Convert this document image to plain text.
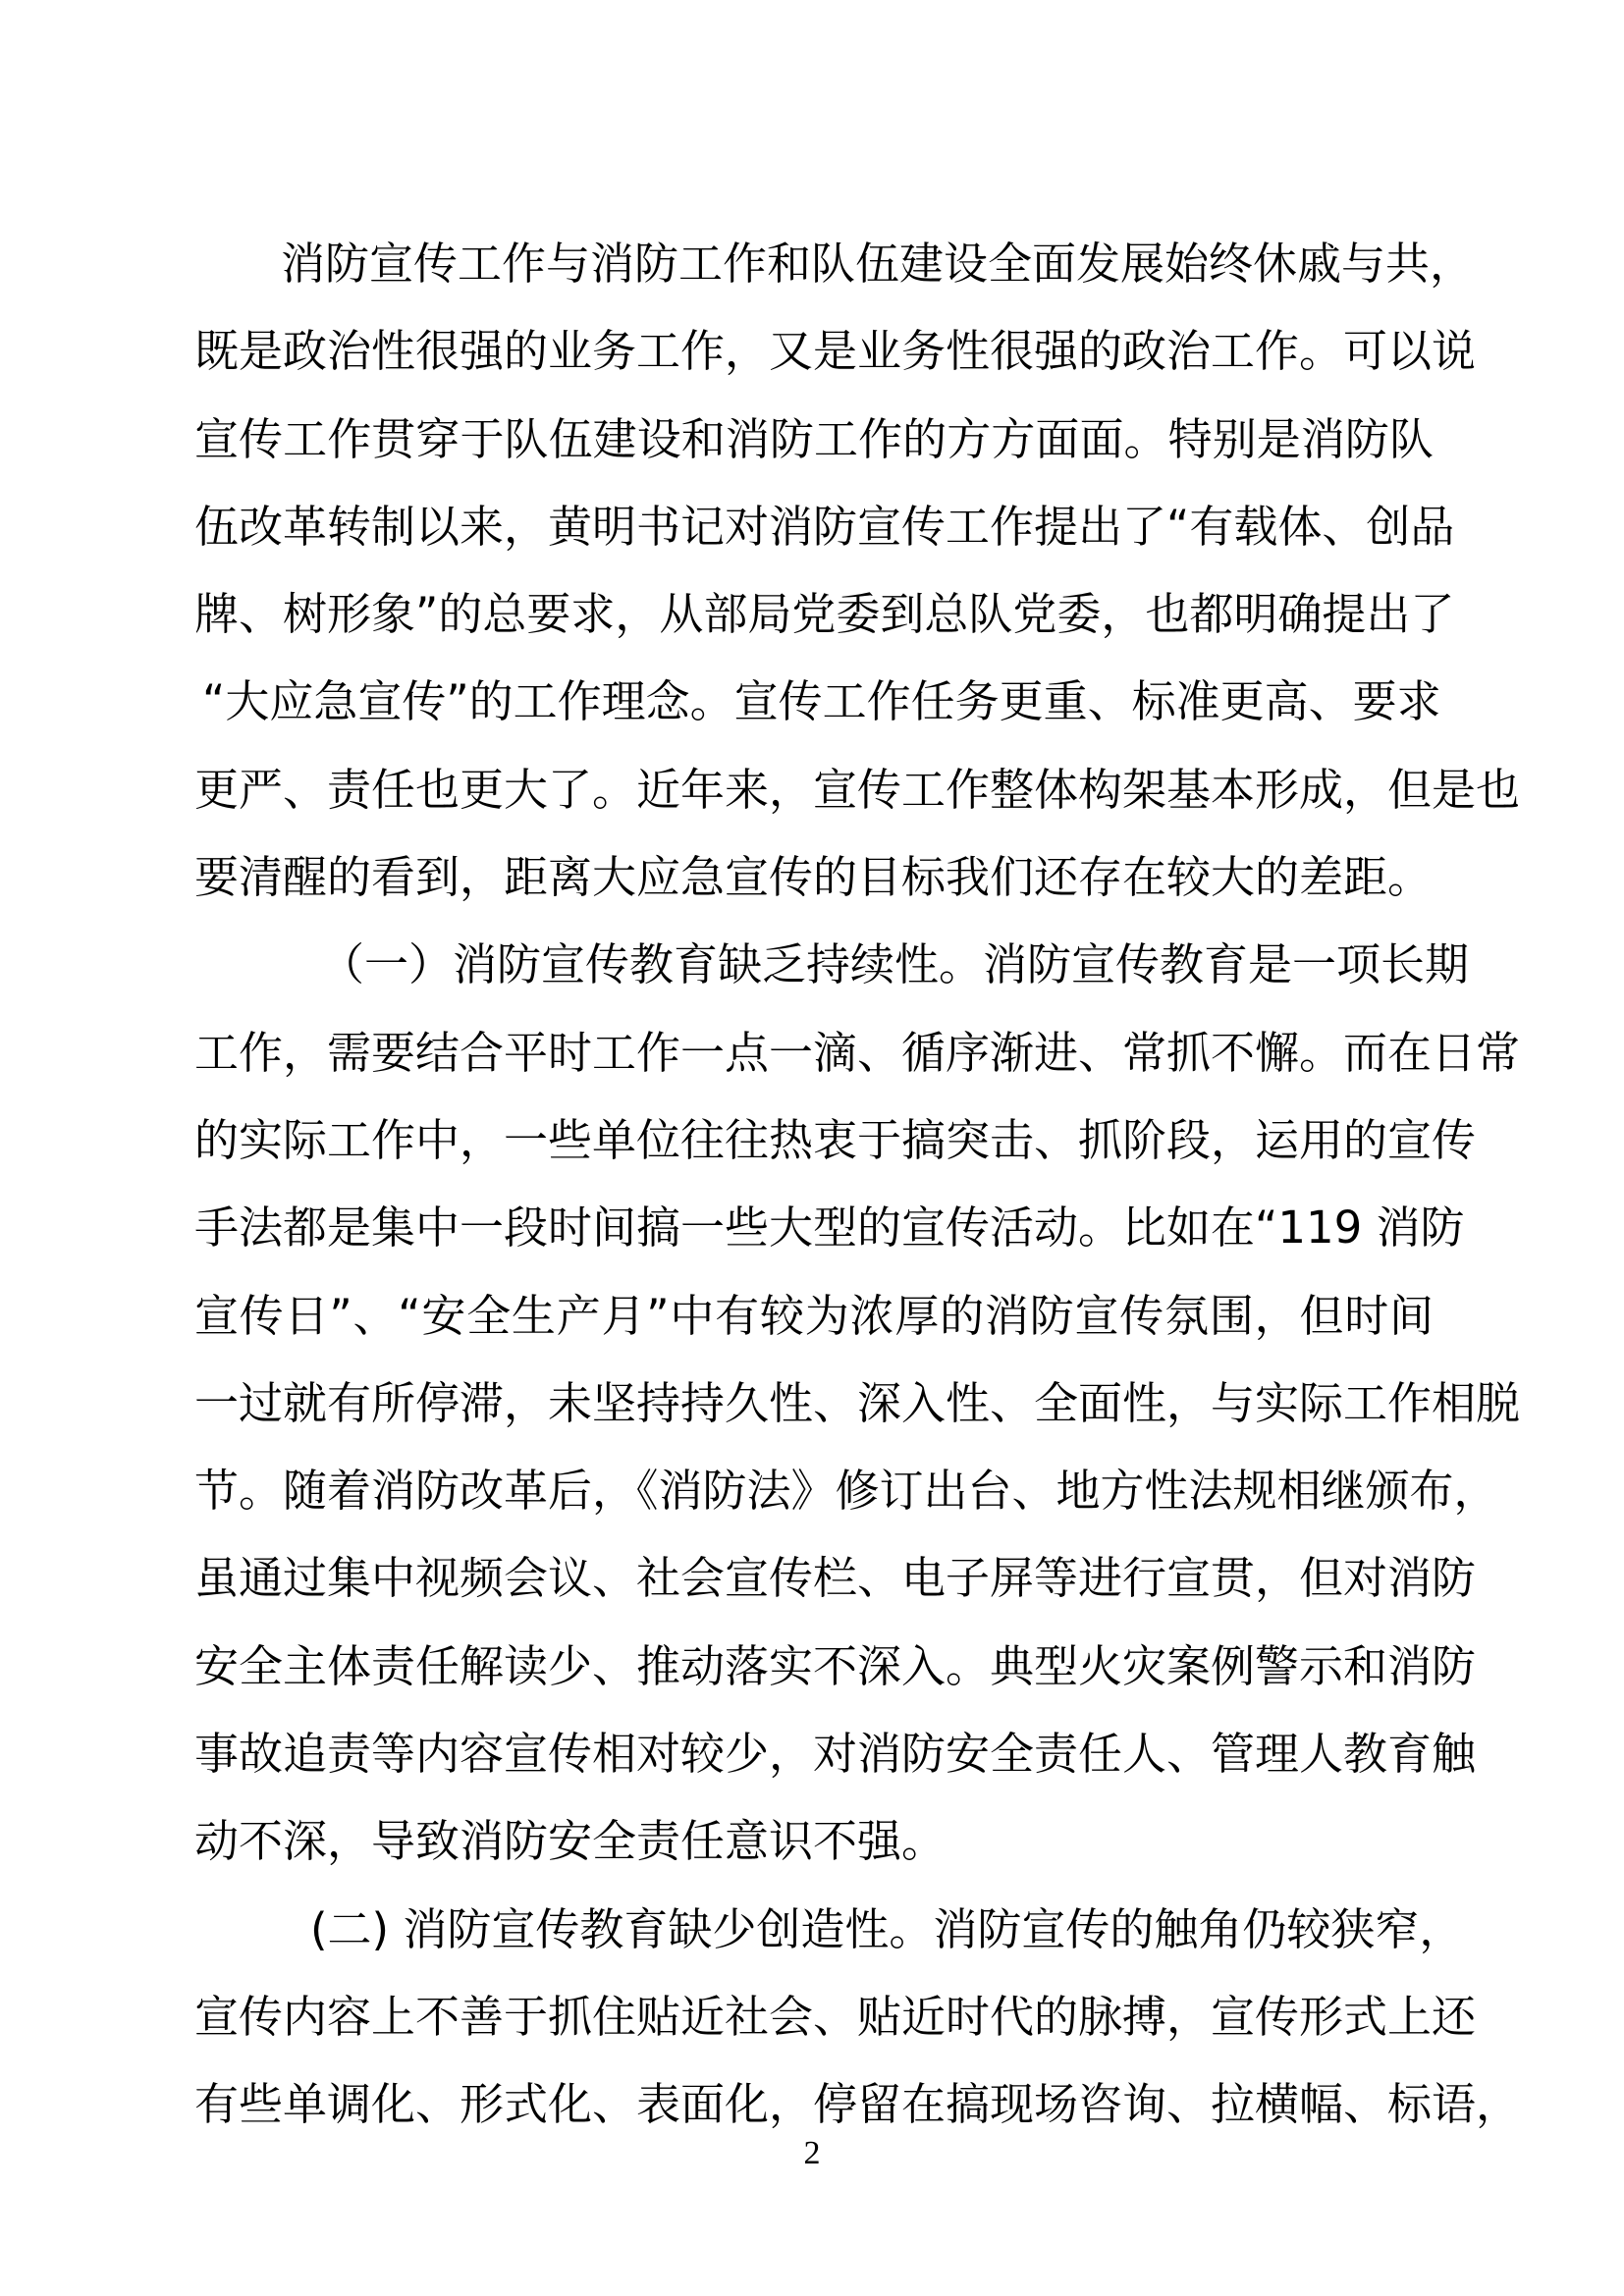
消防宣传工作与消防工作和队伍建设全面发展始终休戚与共，
既是政治性很强的业务工作，又是业务性很强的政治工作。可以说
宣传工作贯穿于队伍建设和消防工作的方方面面。特别是消防队
伍改革转制以来，黄明书记对消防宣传工作提出了“有载体、创品
牌、树形象”的总要求，从部局党委到总队党委，也都明确提出了
“大应急宣传”的工作理念。宣传工作任务更重、标准更高、要求
更严、责任也更大了。近年来，宣传工作整体构架基本形成，但是也
要清醒的看到，距离大应急宣传的目标我们还存在较大的差距。
（一）消防宣传教育缺乏持续性。消防宣传教育是一项长期
工作，需要结合平时工作一点一滴、循序渐进、常抓不懈。而在日常
的实际工作中，一些单位往往热衷于搞突击、抓阶段，运用的宣传
手法都是集中一段时间搞一些大型的宣传活动。比如在“119 消防
宣传日”、“安全生产月”中有较为浓厚的消防宣传氛围，但时间
一过就有所停滞，未坚持持久性、深入性、全面性，与实际工作相脱
节。随着消防改革后，《消防法》修订出台、地方性法规相继颁布，
虽通过集中视频会议、社会宣传栏、电子屏等进行宣贯，但对消防
安全主体责任解读少、推动落实不深入。典型火灾案例警示和消防
事故追责等内容宣传相对较少，对消防安全责任人、管理人教育触
动不深，导致消防安全责任意识不强。
(二) 消防宣传教育缺少创造性。消防宣传的触角仍较狭窄，
宣传内容上不善于抓住贴近社会、贴近时代的脉搏，宣传形式上还
有些单调化、形式化、表面化，停留在搞现场咨询、拉横幅、标语，
2
